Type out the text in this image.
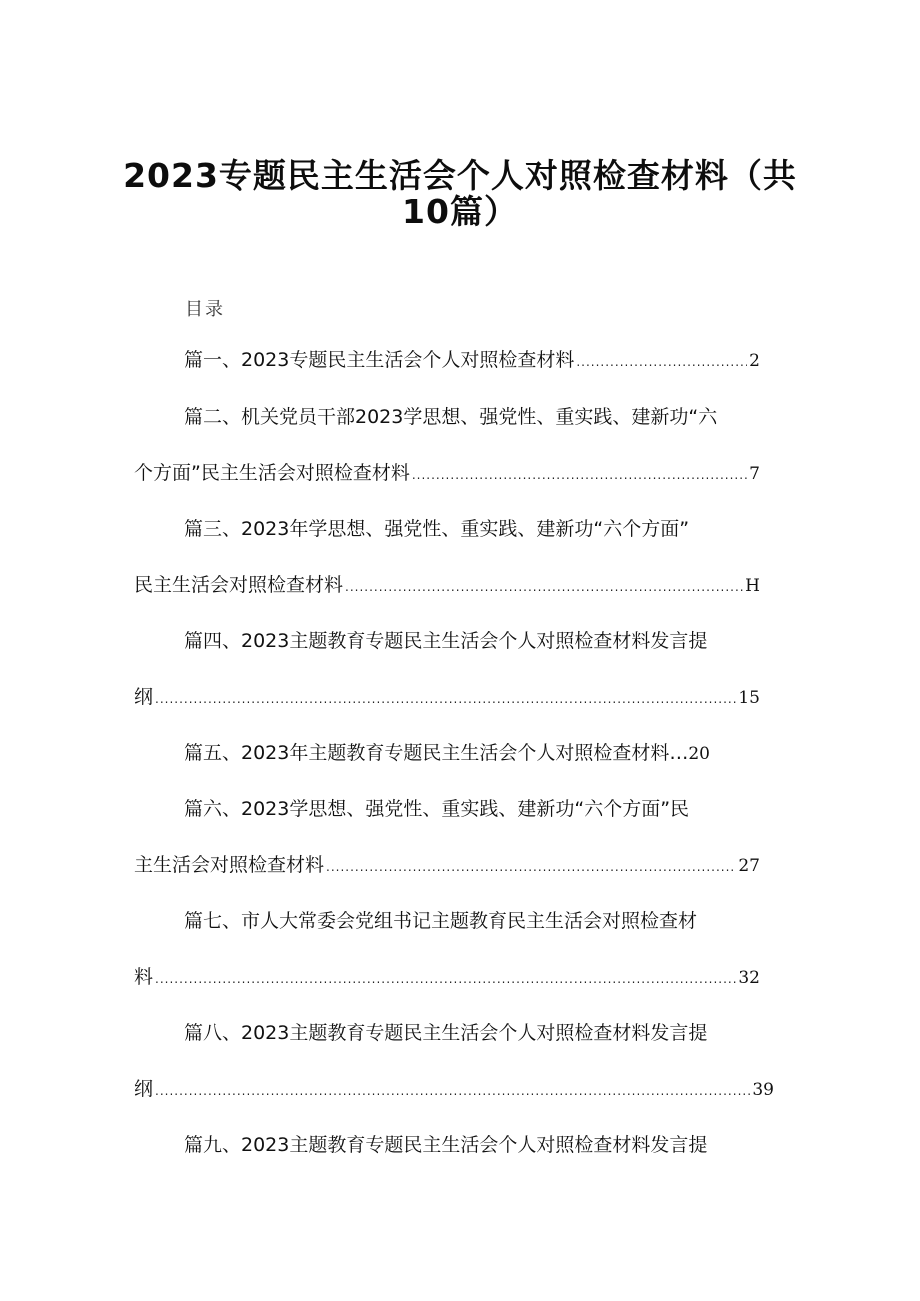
2023专题民主生活会个人对照检查材料（共
10篇）
目录
篇一、2023专题民主生活会个人对照检查材料 .....	2
篇二、机关党员干部2023学思想、强党性、重实践、建新功“六
个方面”民主生活会对照检查材料 .....	7
篇三、2023年学思想、强党性、重实践、建新功“六个方面”
民主生活会对照检查材料 .....	H
篇四、2023主题教育专题民主生活会个人对照检查材料发言提
纲 .....	15
篇五、2023年主题教育专题民主生活会个人对照检查材料…20
篇六、2023学思想、强党性、重实践、建新功“六个方面”民
主生活会对照检查材料 .....	27
篇七、市人大常委会党组书记主题教育民主生活会对照检查材
料 .....	32
篇八、2023主题教育专题民主生活会个人对照检查材料发言提
纲 .....	39
篇九、2023主题教育专题民主生活会个人对照检查材料发言提
